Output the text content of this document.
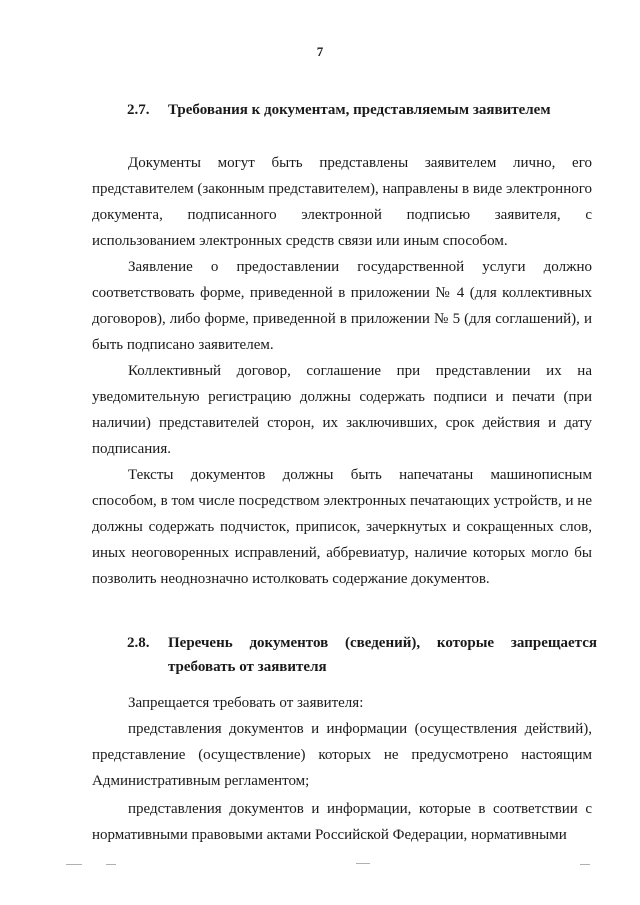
7
2.7. Требования к документам, представляемым заявителем

Документы могут быть представлены заявителем лично, его представителем (законным представителем), направлены в виде электронного документа, подписанного электронной подписью заявителя, с использованием электронных средств связи или иным способом.

Заявление о предоставлении государственной услуги должно соответствовать форме, приведенной в приложении № 4 (для коллективных договоров), либо форме, приведенной в приложении № 5 (для соглашений), и быть подписано заявителем.

Коллективный договор, соглашение при представлении их на уведомительную регистрацию должны содержать подписи и печати (при наличии) представителей сторон, их заключивших, срок действия и дату подписания.

Тексты документов должны быть напечатаны машинописным способом, в том числе посредством электронных печатающих устройств, и не должны содержать подчисток, приписок, зачеркнутых и сокращенных слов, иных неоговоренных исправлений, аббревиатур, наличие которых могло бы позволить неоднозначно истолковать содержание документов.

2.8. Перечень документов (сведений), которые запрещается требовать от заявителя

Запрещается требовать от заявителя:

представления документов и информации (осуществления действий), представление (осуществление) которых не предусмотрено настоящим Административным регламентом;

представления документов и информации, которые в соответствии с нормативными правовыми актами Российской Федерации, нормативными
